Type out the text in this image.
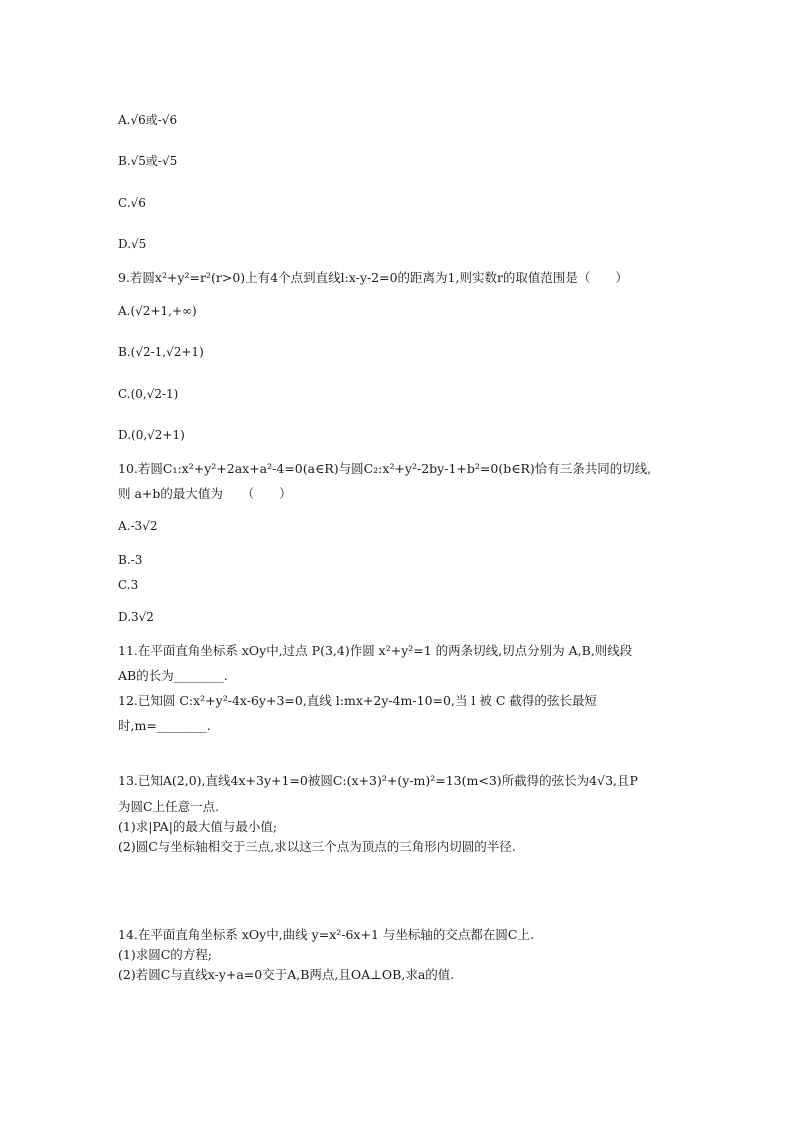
A.√6或-√6
B.√5或-√5
C.√6
D.√5
9.若圆x²+y²=r²(r>0)上有4个点到直线l:x-y-2=0的距离为1,则实数r的取值范围是（　　）
A.(√2+1,+∞)
B.(√2-1,√2+1)
C.(0,√2-1)
D.(0,√2+1)
10.若圆C₁:x²+y²+2ax+a²-4=0(a∈R)与圆C₂:x²+y²-2by-1+b²=0(b∈R)恰有三条共同的切线,
则 a+b的最大值为　　（　　）
A.-3√2
B.-3
C.3
D.3√2
11.在平面直角坐标系 xOy中,过点 P(3,4)作圆 x²+y²=1 的两条切线,切点分别为 A,B,则线段
AB的长为________.
12.已知圆 C:x²+y²-4x-6y+3=0,直线 l:mx+2y-4m-10=0,当 l 被 C 截得的弦长最短
时,m=________.
13.已知A(2,0),直线4x+3y+1=0被圆C:(x+3)²+(y-m)²=13(m<3)所截得的弦长为4√3,且P
为圆C上任意一点.
(1)求|PA|的最大值与最小值;
(2)圆C与坐标轴相交于三点,求以这三个点为顶点的三角形内切圆的半径.
14.在平面直角坐标系 xOy中,曲线 y=x²-6x+1 与坐标轴的交点都在圆C上.
(1)求圆C的方程;
(2)若圆C与直线x-y+a=0交于A,B两点,且OA⊥OB,求a的值.
